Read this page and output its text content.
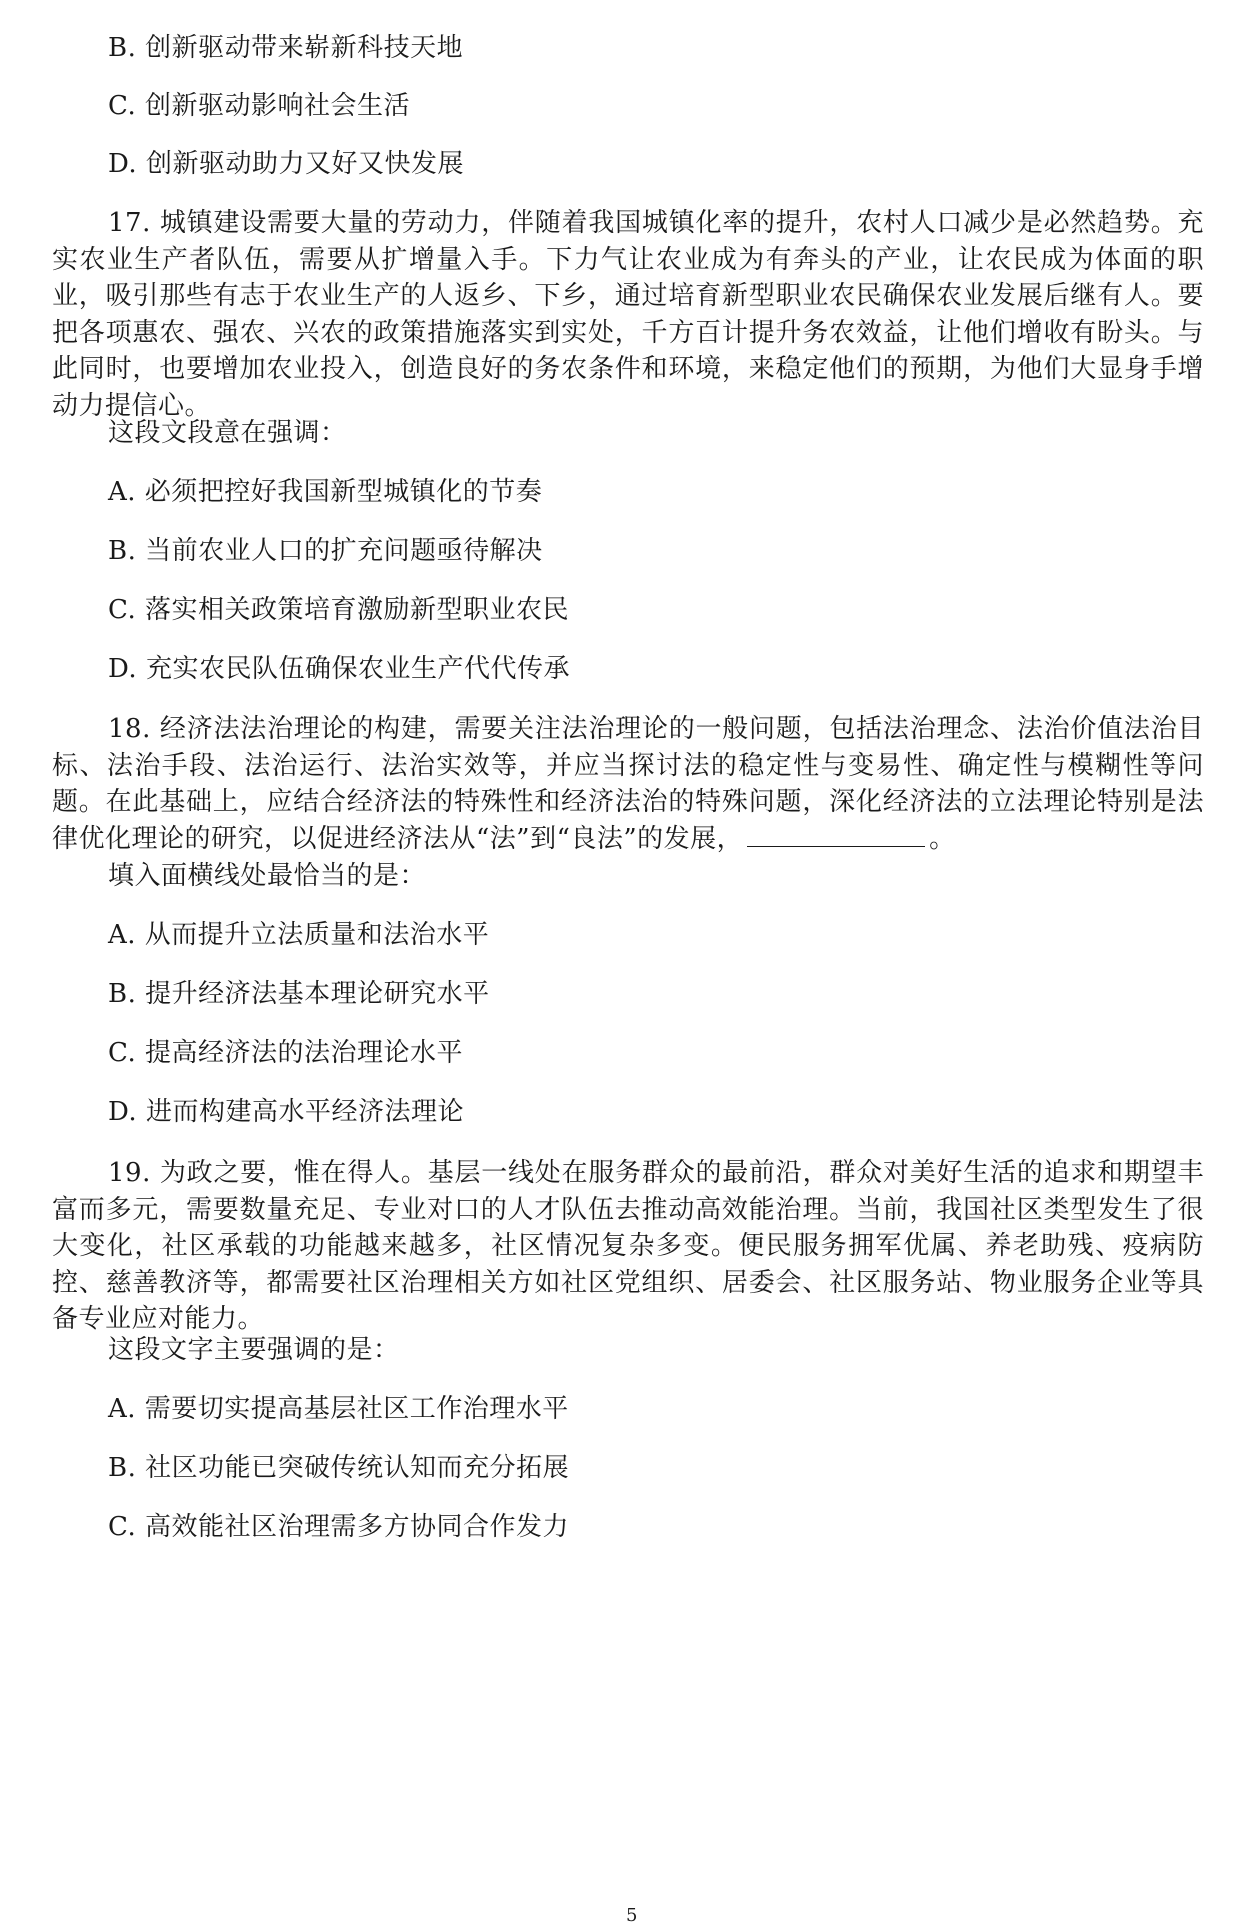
B. 创新驱动带来崭新科技天地
C. 创新驱动影响社会生活
D. 创新驱动助力又好又快发展
17. 城镇建设需要大量的劳动力，伴随着我国城镇化率的提升，农村人口减少是必然趋势。充实农业生产者队伍，需要从扩增量入手。下力气让农业成为有奔头的产业，让农民成为体面的职业，吸引那些有志于农业生产的人返乡、下乡，通过培育新型职业农民确保农业发展后继有人。要把各项惠农、强农、兴农的政策措施落实到实处，千方百计提升务农效益，让他们增收有盼头。与此同时，也要增加农业投入，创造良好的务农条件和环境，来稳定他们的预期，为他们大显身手增动力提信心。
这段文段意在强调：
A. 必须把控好我国新型城镇化的节奏
B. 当前农业人口的扩充问题亟待解决
C. 落实相关政策培育激励新型职业农民
D. 充实农民队伍确保农业生产代代传承
18. 经济法法治理论的构建，需要关注法治理论的一般问题，包括法治理念、法治价值法治目标、法治手段、法治运行、法治实效等，并应当探讨法的稳定性与变易性、确定性与模糊性等问题。在此基础上，应结合经济法的特殊性和经济法治的特殊问题，深化经济法的立法理论特别是法律优化理论的研究，以促进经济法从“法”到“良法”的发展，	。
填入面横线处最恰当的是：
A. 从而提升立法质量和法治水平
B. 提升经济法基本理论研究水平
C. 提高经济法的法治理论水平
D. 进而构建高水平经济法理论
19. 为政之要，惟在得人。基层一线处在服务群众的最前沿，群众对美好生活的追求和期望丰富而多元，需要数量充足、专业对口的人才队伍去推动高效能治理。当前，我国社区类型发生了很大变化，社区承载的功能越来越多，社区情况复杂多变。便民服务拥军优属、养老助残、疫病防控、慈善教济等，都需要社区治理相关方如社区党组织、居委会、社区服务站、物业服务企业等具备专业应对能力。
这段文字主要强调的是：
A. 需要切实提高基层社区工作治理水平
B. 社区功能已突破传统认知而充分拓展
C. 高效能社区治理需多方协同合作发力
5
